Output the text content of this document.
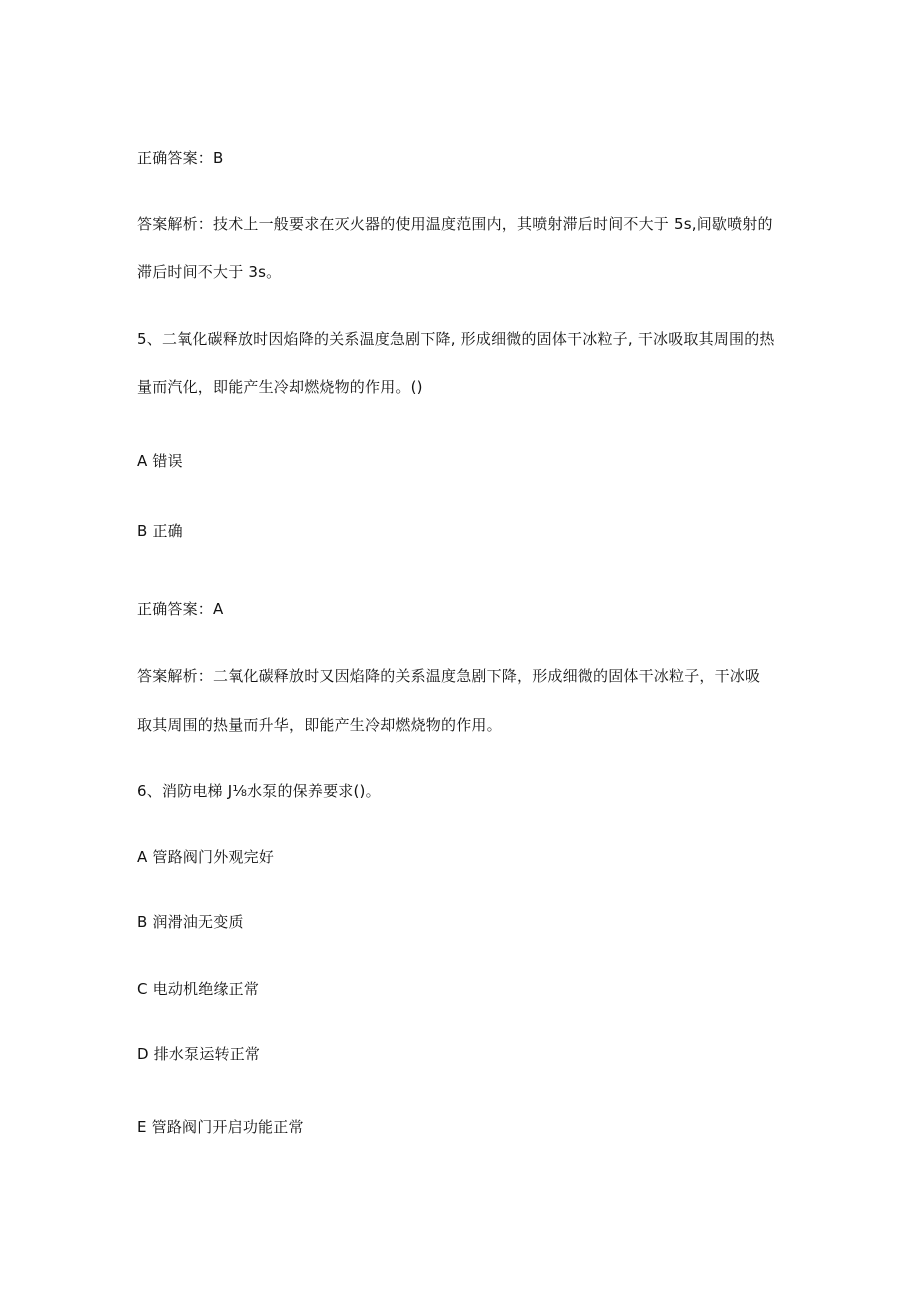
正确答案：B
答案解析：技术上一般要求在灭火器的使用温度范围内，其喷射滞后时间不大于 5s,间歇喷射的
滞后时间不大于 3s。
5、二氧化碳释放时因焰降的关系温度急剧下降, 形成细微的固体干冰粒子, 干冰吸取其周围的热
量而汽化，即能产生冷却燃烧物的作用。()
A 错误
B 正确
正确答案：A
答案解析：二氧化碳释放时又因焰降的关系温度急剧下降，形成细微的固体干冰粒子，干冰吸
取其周围的热量而升华，即能产生冷却燃烧物的作用。
6、消防电梯 J⅛水泵的保养要求()。
A 管路阀门外观完好
B 润滑油无变质
C 电动机绝缘正常
D 排水泵运转正常
E 管路阀门开启功能正常
